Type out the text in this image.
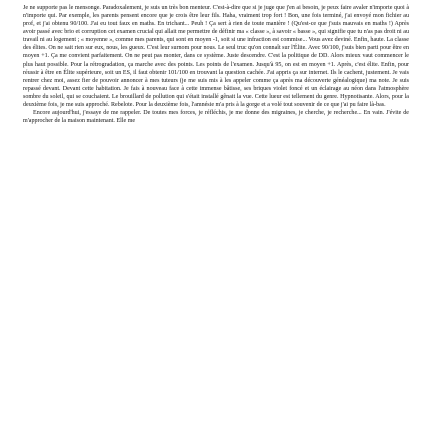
Je ne supporte pas le mensonge. Paradoxalement, je suis un très bon menteur. C'est-à-dire que si je juge que j'en ai besoin, je peux faire avaler n'importe quoi à n'importe qui. Par exemple, les parents pensent encore que je crois être leur fils. Haha, vraiment trop fort ! Bon, une fois terminé, j'ai envoyé mon fichier au prof, et j'ai obtenu 90/100. J'ai eu tout faux en maths. En trichant... Peuh ! Ça sert à rien de toute manière ! (Qu'est-ce que j'suis mauvais en maths !) Après avoir passé avec brio et corruption cet examen crucial qui allait me permettre de définir ma « classe », à savoir « basse », qui signifie que tu n'as pas droit ni au travail ni au logement ; « moyenne », comme mes parents, qui sont en moyen -1, soit si une infraction est commise... Vous avez deviné. Enfin, haute. La classe des élites. On ne sait rien sur eux, nous, les gueux. C'est leur surnom pour nous. Le seul truc qu'on connaît sur l'Élite. Avec 90/100, j'suis bien parti pour être en moyen +1. Ça me convient parfaitement. On ne peut pas monter, dans ce système. Juste descendre. C'est la politique de DD. Alors mieux vaut commencer le plus haut possible. Pour la rétrogradation, ça marche avec des points. Les points de l'examen. Jusqu'à 95, on est en moyen +1. Après, c'est élite. Enfin, pour réussir à être en Élite supérieure, soit un ES, il faut obtenir 101/100 en trouvant la question cachée. J'ai appris ça sur internet. Ils le cachent, justement. Je vais rentrer chez moi, assez fier de pouvoir annoncer à mes tuteurs (je me suis mis à les appeler comme ça après ma découverte généalogique) ma note. Je suis repassé devant. Devant cette habitation. Je fais à nouveau face à cette immense bâtisse, ses briques violet foncé et un éclairage au néon dans l'atmosphère sombre du soleil, qui se couchaient. Le brouillard de pollution qui s'était installé gênait la vue. Cette lueur est tellement du genre. Hypnotisante. Alors, pour la deuxième fois, je me suis approché. Rebelote. Pour la deuxième fois, l'amnésie m'a pris à la gorge et a volé tout souvenir de ce que j'ai pu faire là-bas.

Encore aujourd'hui, j'essaye de me rappeler. De toutes mes forces, je réfléchis, je me donne des migraines, je cherche, je recherche... En vain. J'évite de m'approcher de la maison maintenant. Elle me
